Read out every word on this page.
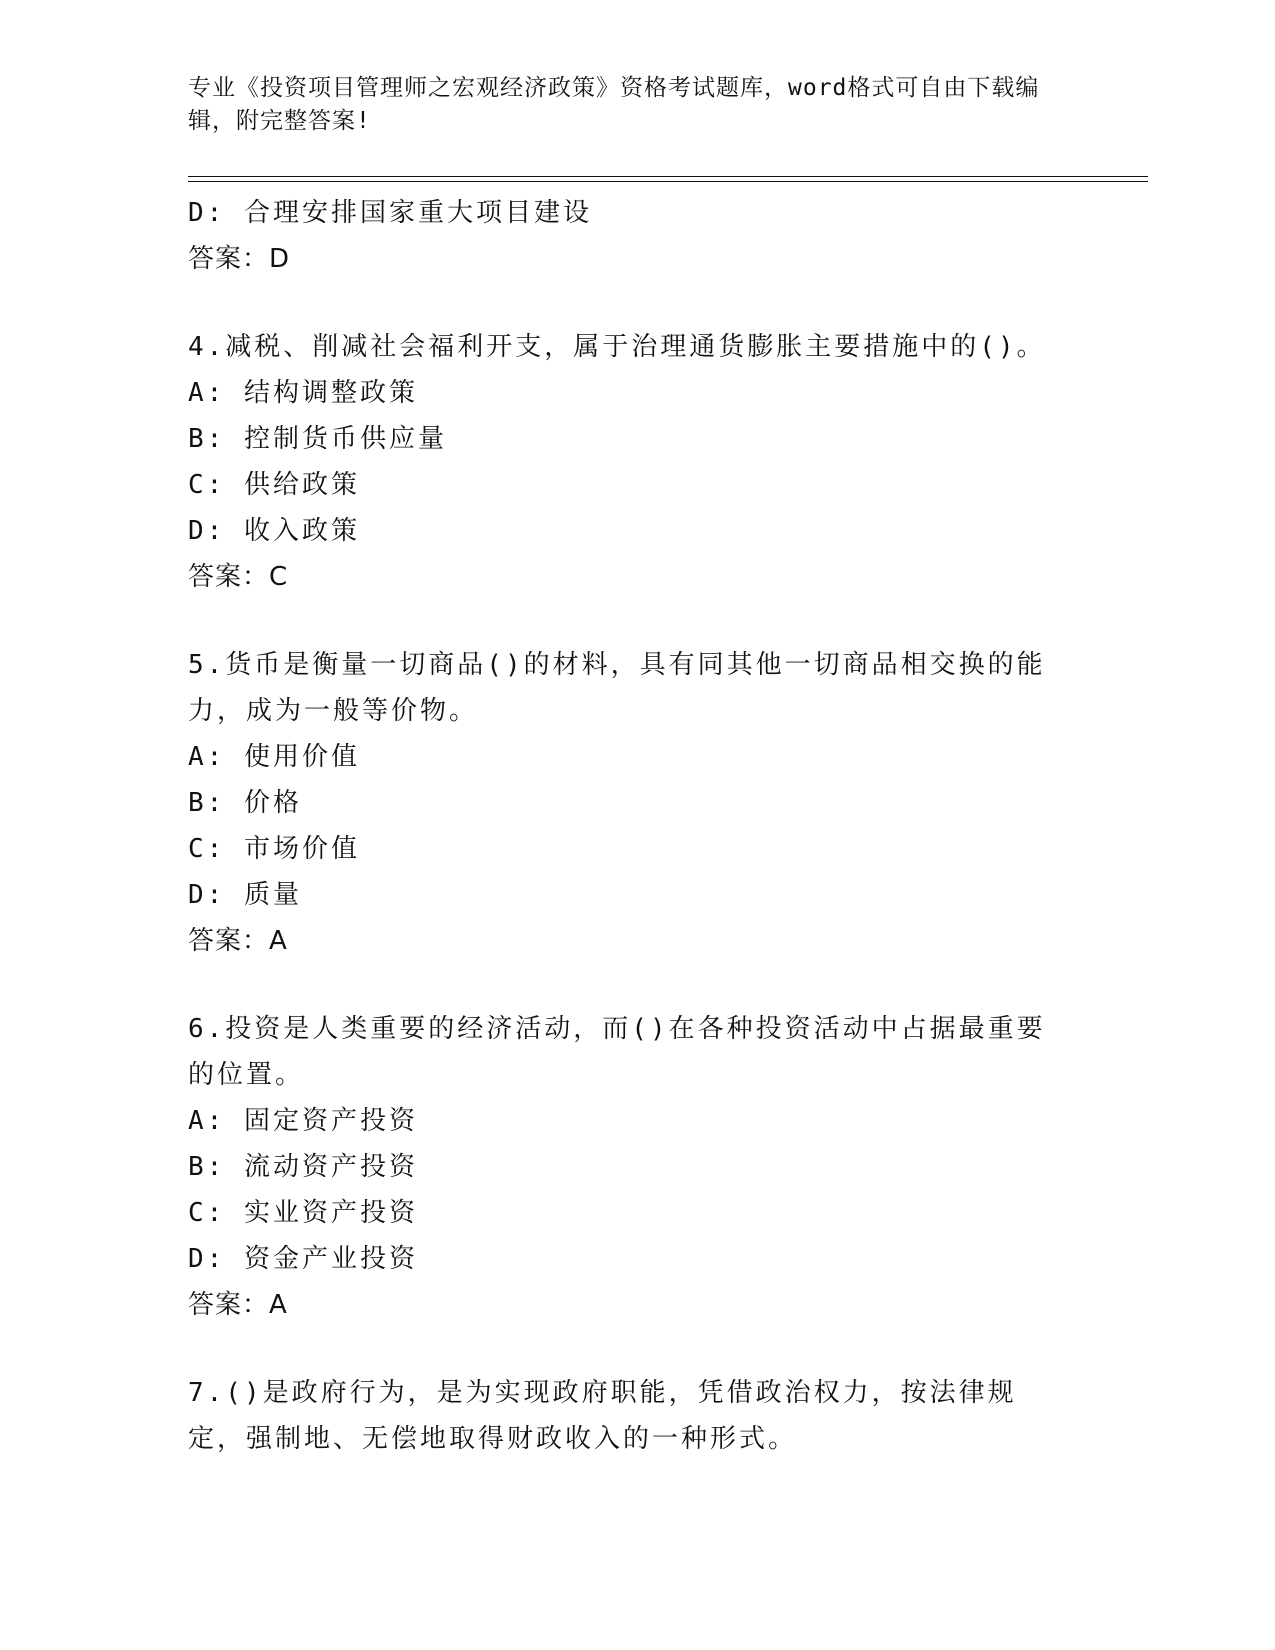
专业《投资项目管理师之宏观经济政策》资格考试题库，word格式可自由下载编辑，附完整答案!
D: 合理安排国家重大项目建设
答案：D
4.减税、削减社会福利开支，属于治理通货膨胀主要措施中的()。
A: 结构调整政策
B: 控制货币供应量
C: 供给政策
D: 收入政策
答案：C
5.货币是衡量一切商品()的材料，具有同其他一切商品相交换的能力，成为一般等价物。
A: 使用价值
B: 价格
C: 市场价值
D: 质量
答案：A
6.投资是人类重要的经济活动，而()在各种投资活动中占据最重要的位置。
A: 固定资产投资
B: 流动资产投资
C: 实业资产投资
D: 资金产业投资
答案：A
7.()是政府行为，是为实现政府职能，凭借政治权力，按法律规定，强制地、无偿地取得财政收入的一种形式。
